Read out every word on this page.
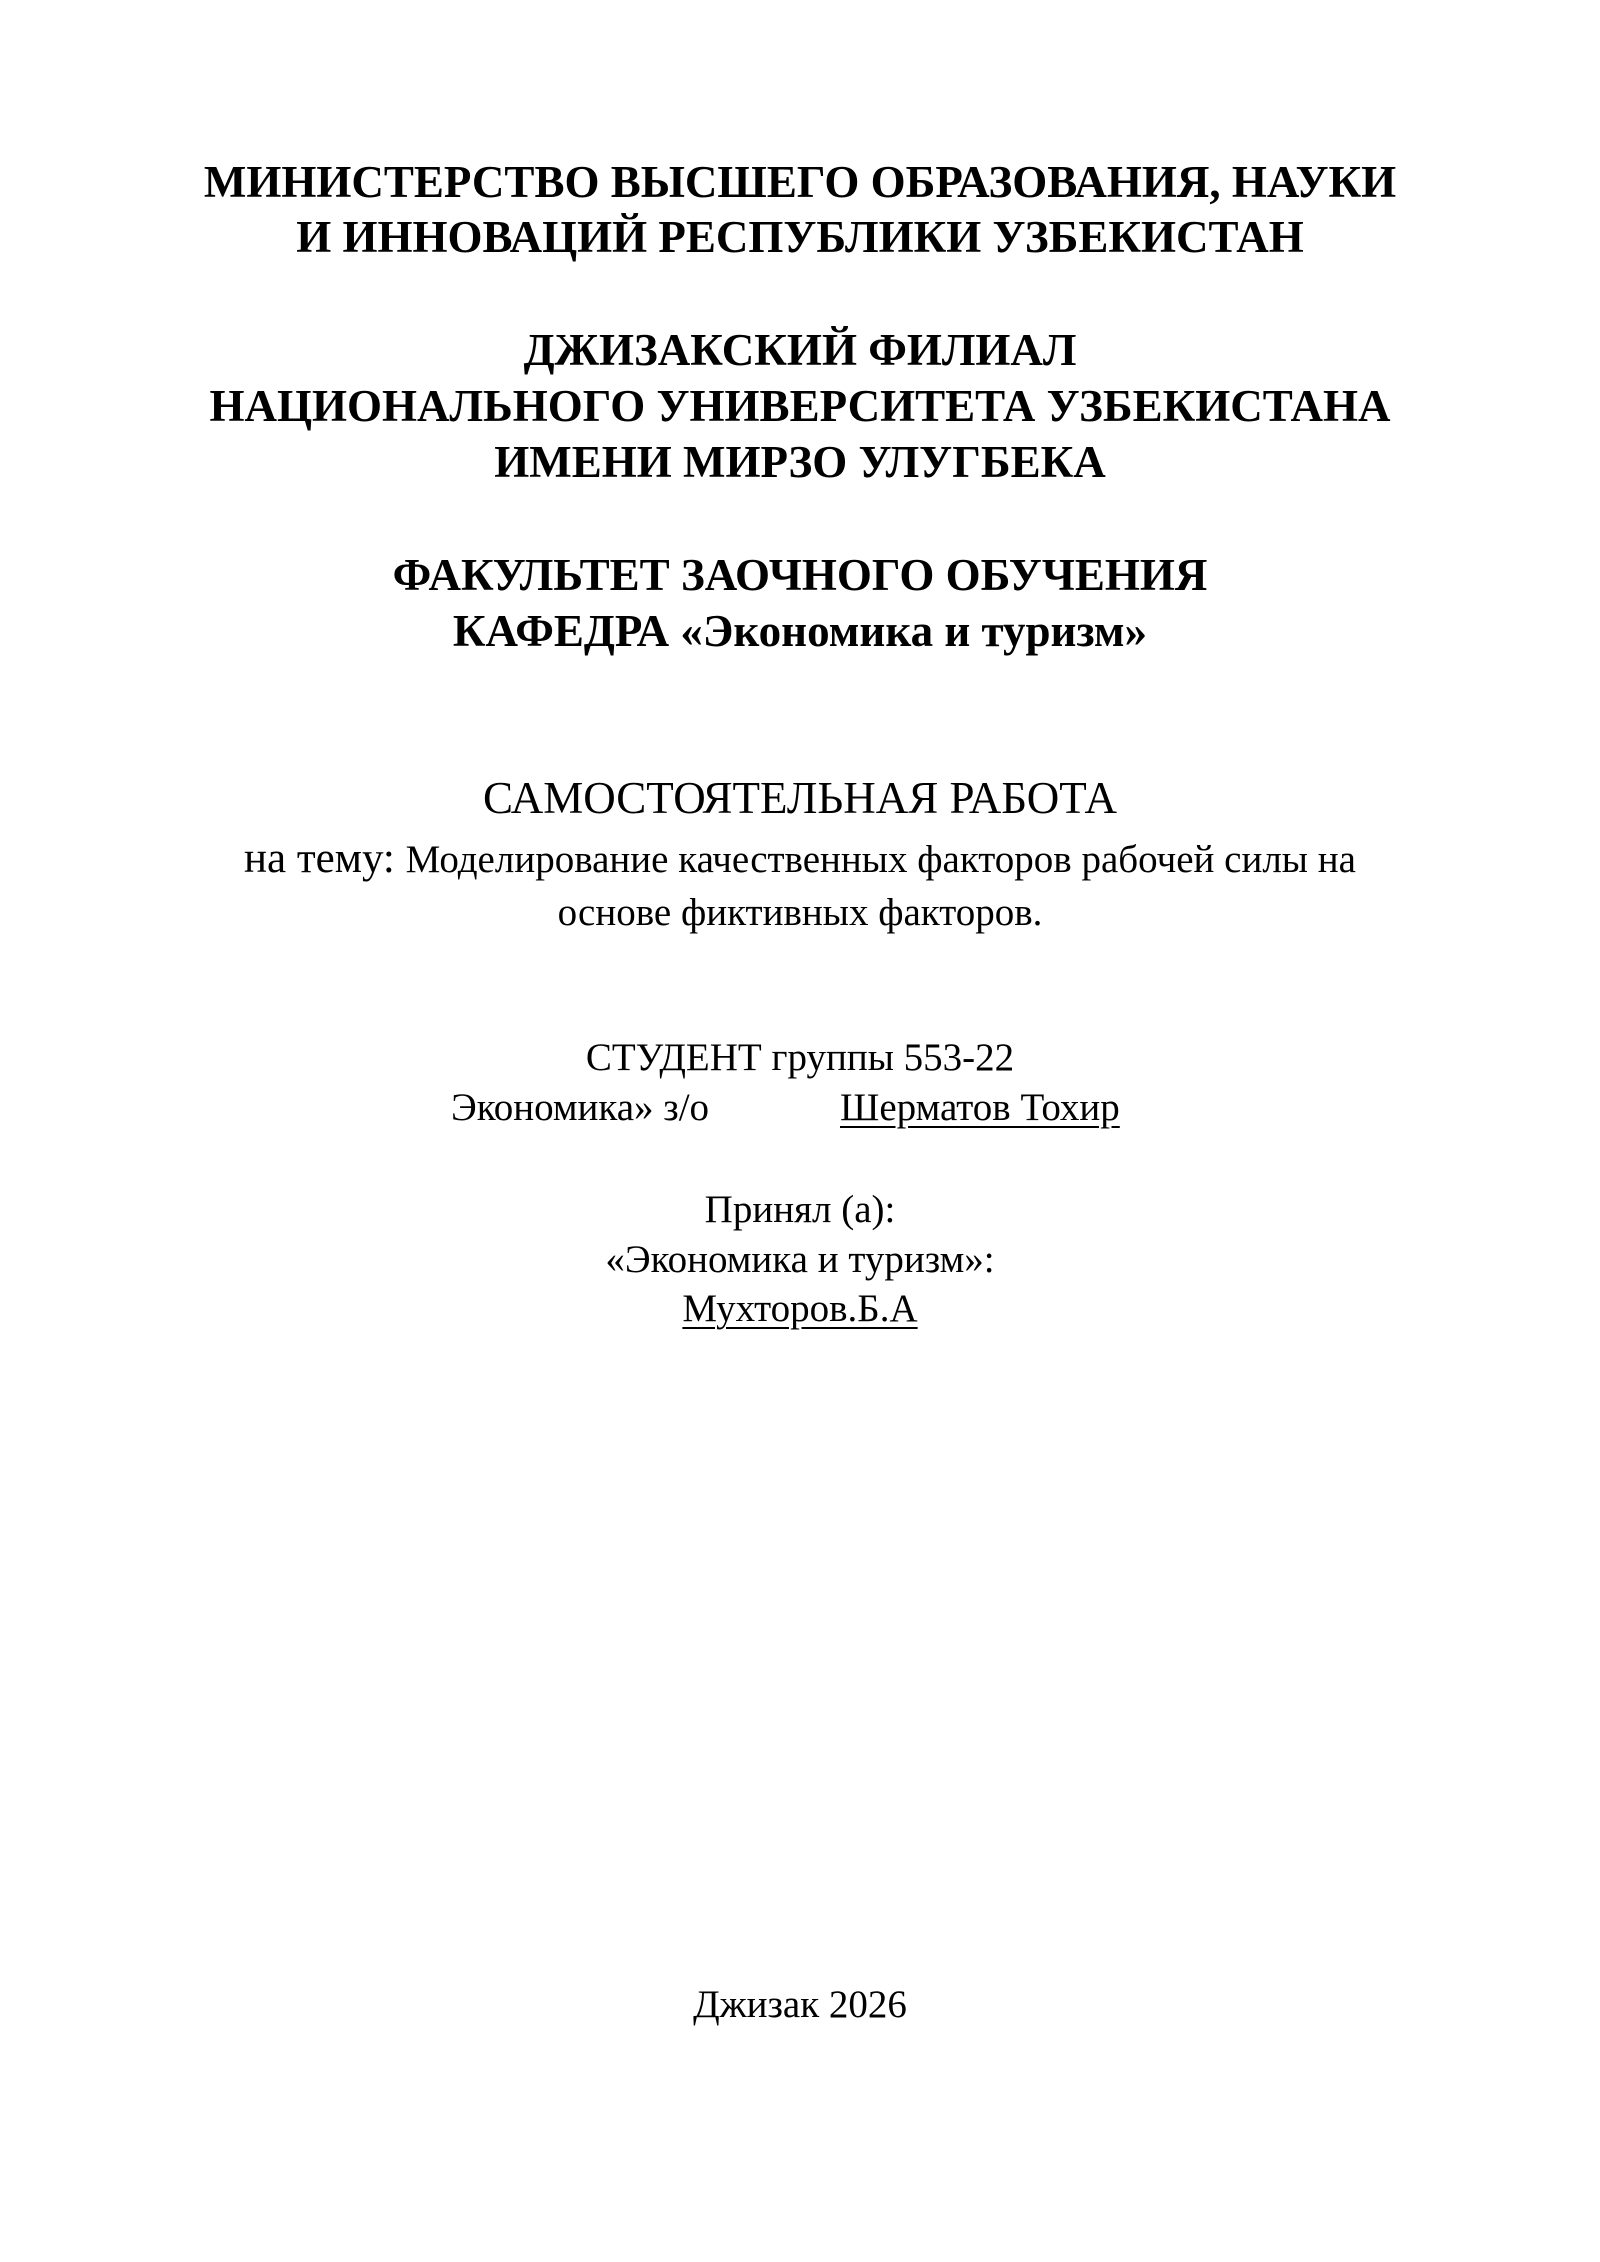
МИНИСТЕРСТВО ВЫСШЕГО ОБРАЗОВАНИЯ, НАУКИ
И ИННОВАЦИЙ РЕСПУБЛИКИ УЗБЕКИСТАН
ДЖИЗАКСКИЙ ФИЛИАЛ
НАЦИОНАЛЬНОГО УНИВЕРСИТЕТА УЗБЕКИСТАНА
ИМЕНИ МИРЗО УЛУГБЕКА
ФАКУЛЬТЕТ ЗАОЧНОГО ОБУЧЕНИЯ
КАФЕДРА «Экономика и туризм»
САМОСТОЯТЕЛЬНАЯ РАБОТА
на тему: Моделирование качественных факторов рабочей силы на
основе фиктивных факторов.
СТУДЕНТ группы 553-22
Экономика» з/о	Шерматов Тохир
Принял (а):
«Экономика и туризм»:
Мухторов.Б.А
Джизак 2026
